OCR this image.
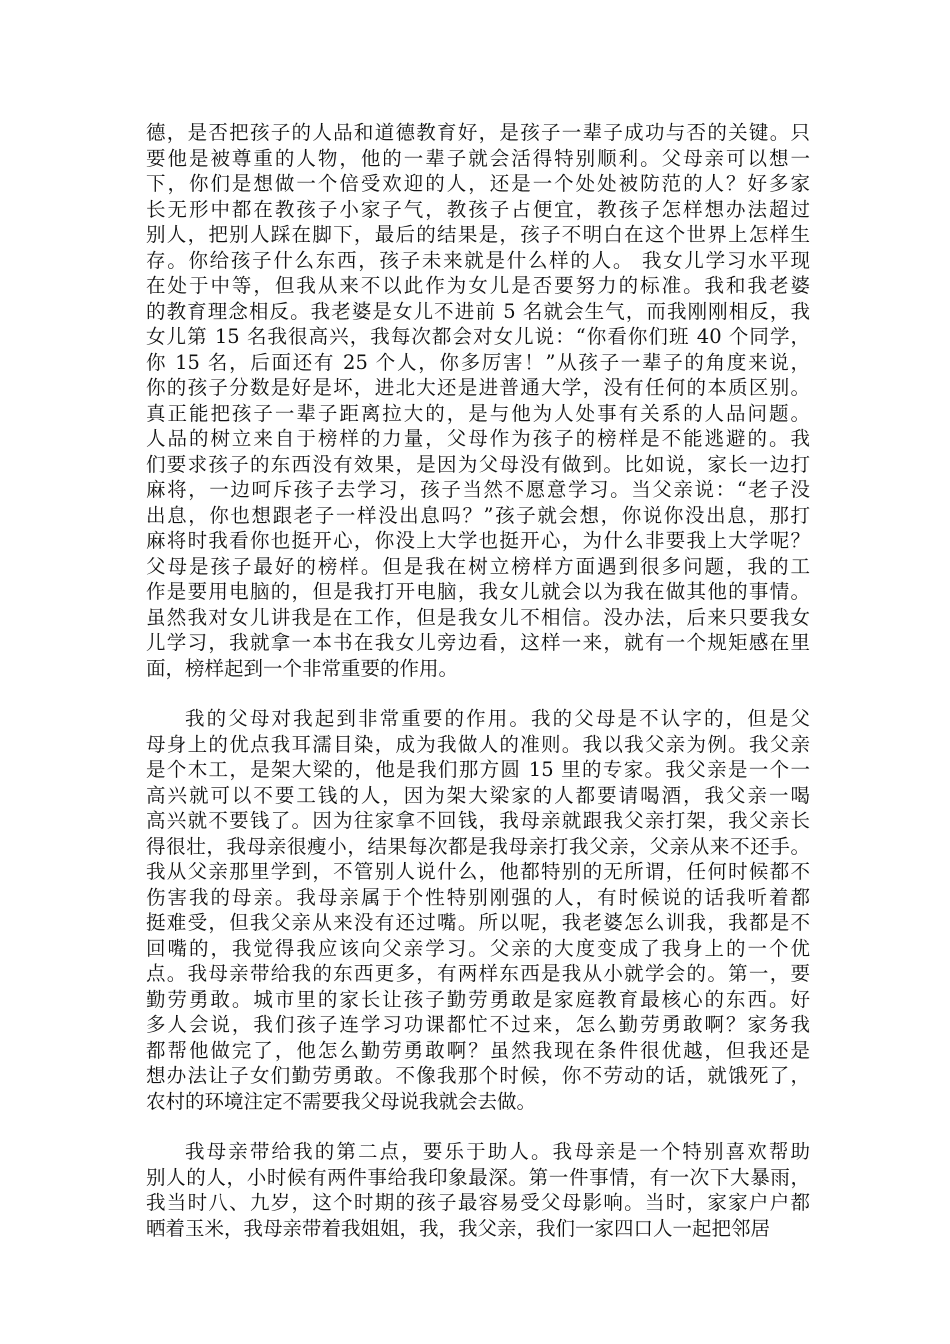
德，是否把孩子的人品和道德教育好，是孩子一辈子成功与否的关键。只
要他是被尊重的人物，他的一辈子就会活得特别顺利。父母亲可以想一
下，你们是想做一个倍受欢迎的人，还是一个处处被防范的人？好多家
长无形中都在教孩子小家子气，教孩子占便宜，教孩子怎样想办法超过
别人，把别人踩在脚下，最后的结果是，孩子不明白在这个世界上怎样生
存。你给孩子什么东西，孩子未来就是什么样的人。 我女儿学习水平现
在处于中等，但我从来不以此作为女儿是否要努力的标准。我和我老婆
的教育理念相反。我老婆是女儿不进前 5 名就会生气，而我刚刚相反，我
女儿第 15 名我很高兴，我每次都会对女儿说：“你看你们班 40 个同学，
你 15 名，后面还有 25 个人，你多厉害！”从孩子一辈子的角度来说，
你的孩子分数是好是坏，进北大还是进普通大学，没有任何的本质区别。
真正能把孩子一辈子距离拉大的，是与他为人处事有关系的人品问题。
人品的树立来自于榜样的力量，父母作为孩子的榜样是不能逃避的。我
们要求孩子的东西没有效果，是因为父母没有做到。比如说，家长一边打
麻将，一边呵斥孩子去学习，孩子当然不愿意学习。当父亲说：“老子没
出息，你也想跟老子一样没出息吗？”孩子就会想，你说你没出息，那打
麻将时我看你也挺开心，你没上大学也挺开心，为什么非要我上大学呢？
父母是孩子最好的榜样。但是我在树立榜样方面遇到很多问题，我的工
作是要用电脑的，但是我打开电脑，我女儿就会以为我在做其他的事情。
虽然我对女儿讲我是在工作，但是我女儿不相信。没办法，后来只要我女
儿学习，我就拿一本书在我女儿旁边看，这样一来，就有一个规矩感在里
面，榜样起到一个非常重要的作用。
我的父母对我起到非常重要的作用。我的父母是不认字的，但是父
母身上的优点我耳濡目染，成为我做人的准则。我以我父亲为例。我父亲
是个木工，是架大梁的，他是我们那方圆 15 里的专家。我父亲是一个一
高兴就可以不要工钱的人，因为架大梁家的人都要请喝酒，我父亲一喝
高兴就不要钱了。因为往家拿不回钱，我母亲就跟我父亲打架，我父亲长
得很壮，我母亲很瘦小，结果每次都是我母亲打我父亲，父亲从来不还手。
我从父亲那里学到，不管别人说什么，他都特别的无所谓，任何时候都不
伤害我的母亲。我母亲属于个性特别刚强的人，有时候说的话我听着都
挺难受，但我父亲从来没有还过嘴。所以呢，我老婆怎么训我，我都是不
回嘴的，我觉得我应该向父亲学习。父亲的大度变成了我身上的一个优
点。我母亲带给我的东西更多，有两样东西是我从小就学会的。第一，要
勤劳勇敢。城市里的家长让孩子勤劳勇敢是家庭教育最核心的东西。好
多人会说，我们孩子连学习功课都忙不过来，怎么勤劳勇敢啊？家务我
都帮他做完了，他怎么勤劳勇敢啊？虽然我现在条件很优越，但我还是
想办法让子女们勤劳勇敢。不像我那个时候，你不劳动的话，就饿死了，
农村的环境注定不需要我父母说我就会去做。
我母亲带给我的第二点，要乐于助人。我母亲是一个特别喜欢帮助
别人的人，小时候有两件事给我印象最深。第一件事情，有一次下大暴雨，
我当时八、九岁，这个时期的孩子最容易受父母影响。当时，家家户户都
晒着玉米，我母亲带着我姐姐，我，我父亲，我们一家四口人一起把邻居
